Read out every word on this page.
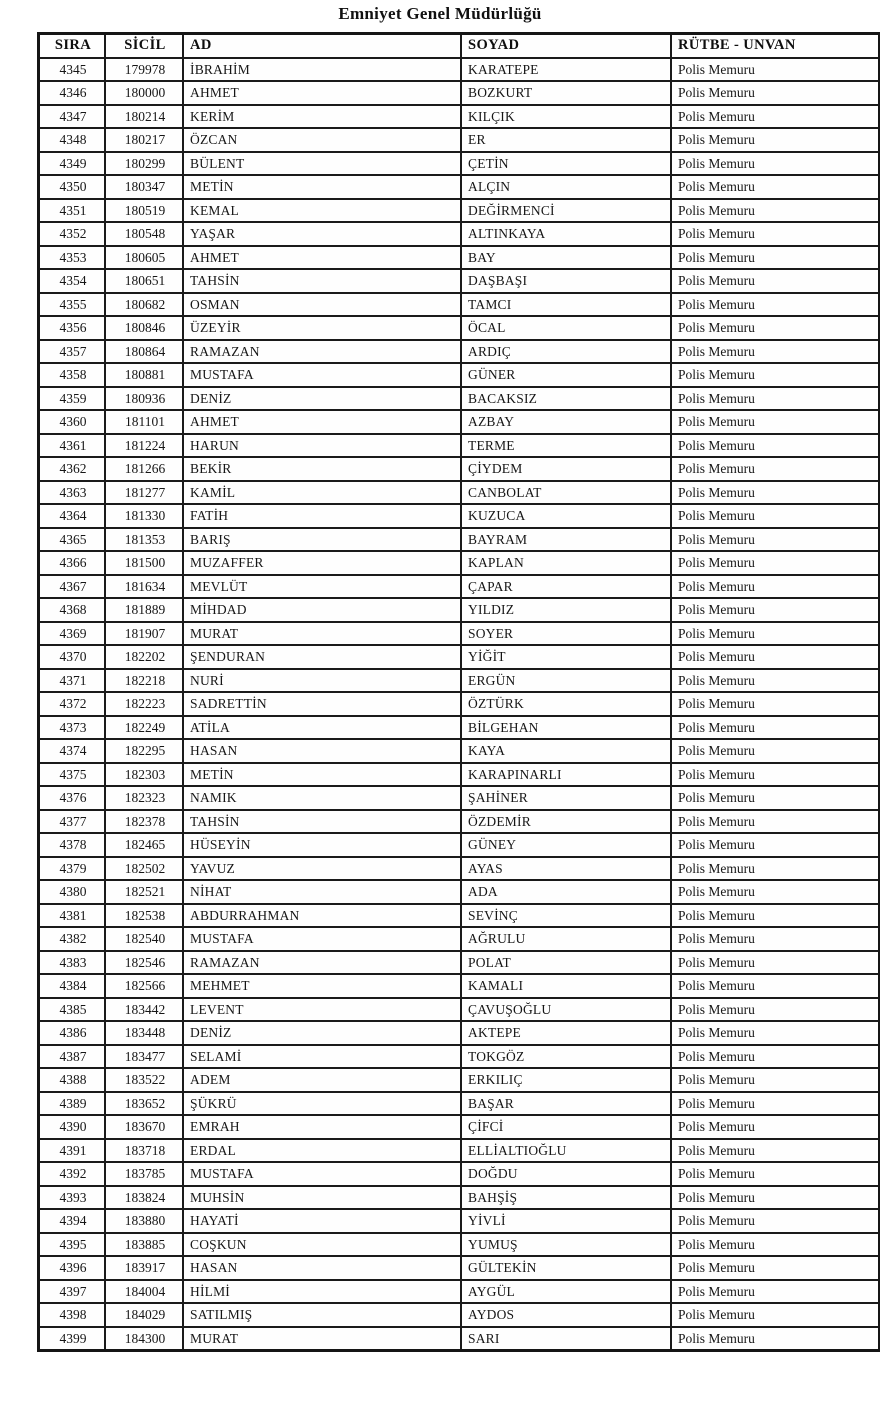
Emniyet Genel Müdürlüğü
SIRA	SİCİL	AD	SOYAD	RÜTBE - UNVAN
4345	179978	İBRAHİM	KARATEPE	Polis Memuru
4346	180000	AHMET	BOZKURT	Polis Memuru
4347	180214	KERİM	KILÇIK	Polis Memuru
4348	180217	ÖZCAN	ER	Polis Memuru
4349	180299	BÜLENT	ÇETİN	Polis Memuru
4350	180347	METİN	ALÇIN	Polis Memuru
4351	180519	KEMAL	DEĞİRMENCİ	Polis Memuru
4352	180548	YAŞAR	ALTINKAYA	Polis Memuru
4353	180605	AHMET	BAY	Polis Memuru
4354	180651	TAHSİN	DAŞBAŞI	Polis Memuru
4355	180682	OSMAN	TAMCI	Polis Memuru
4356	180846	ÜZEYİR	ÖCAL	Polis Memuru
4357	180864	RAMAZAN	ARDIÇ	Polis Memuru
4358	180881	MUSTAFA	GÜNER	Polis Memuru
4359	180936	DENİZ	BACAKSIZ	Polis Memuru
4360	181101	AHMET	AZBAY	Polis Memuru
4361	181224	HARUN	TERME	Polis Memuru
4362	181266	BEKİR	ÇİYDEM	Polis Memuru
4363	181277	KAMİL	CANBOLAT	Polis Memuru
4364	181330	FATİH	KUZUCA	Polis Memuru
4365	181353	BARIŞ	BAYRAM	Polis Memuru
4366	181500	MUZAFFER	KAPLAN	Polis Memuru
4367	181634	MEVLÜT	ÇAPAR	Polis Memuru
4368	181889	MİHDAD	YILDIZ	Polis Memuru
4369	181907	MURAT	SOYER	Polis Memuru
4370	182202	ŞENDURAN	YİĞİT	Polis Memuru
4371	182218	NURİ	ERGÜN	Polis Memuru
4372	182223	SADRETTİN	ÖZTÜRK	Polis Memuru
4373	182249	ATİLA	BİLGEHAN	Polis Memuru
4374	182295	HASAN	KAYA	Polis Memuru
4375	182303	METİN	KARAPINARLI	Polis Memuru
4376	182323	NAMIK	ŞAHİNER	Polis Memuru
4377	182378	TAHSİN	ÖZDEMİR	Polis Memuru
4378	182465	HÜSEYİN	GÜNEY	Polis Memuru
4379	182502	YAVUZ	AYAS	Polis Memuru
4380	182521	NİHAT	ADA	Polis Memuru
4381	182538	ABDURRAHMAN	SEVİNÇ	Polis Memuru
4382	182540	MUSTAFA	AĞRULU	Polis Memuru
4383	182546	RAMAZAN	POLAT	Polis Memuru
4384	182566	MEHMET	KAMALI	Polis Memuru
4385	183442	LEVENT	ÇAVUŞOĞLU	Polis Memuru
4386	183448	DENİZ	AKTEPE	Polis Memuru
4387	183477	SELAMİ	TOKGÖZ	Polis Memuru
4388	183522	ADEM	ERKILIÇ	Polis Memuru
4389	183652	ŞÜKRÜ	BAŞAR	Polis Memuru
4390	183670	EMRAH	ÇİFCİ	Polis Memuru
4391	183718	ERDAL	ELLİALTIOĞLU	Polis Memuru
4392	183785	MUSTAFA	DOĞDU	Polis Memuru
4393	183824	MUHSİN	BAHŞİŞ	Polis Memuru
4394	183880	HAYATİ	YİVLİ	Polis Memuru
4395	183885	COŞKUN	YUMUŞ	Polis Memuru
4396	183917	HASAN	GÜLTEKİN	Polis Memuru
4397	184004	HİLMİ	AYGÜL	Polis Memuru
4398	184029	SATILMIŞ	AYDOS	Polis Memuru
4399	184300	MURAT	SARI	Polis Memuru
